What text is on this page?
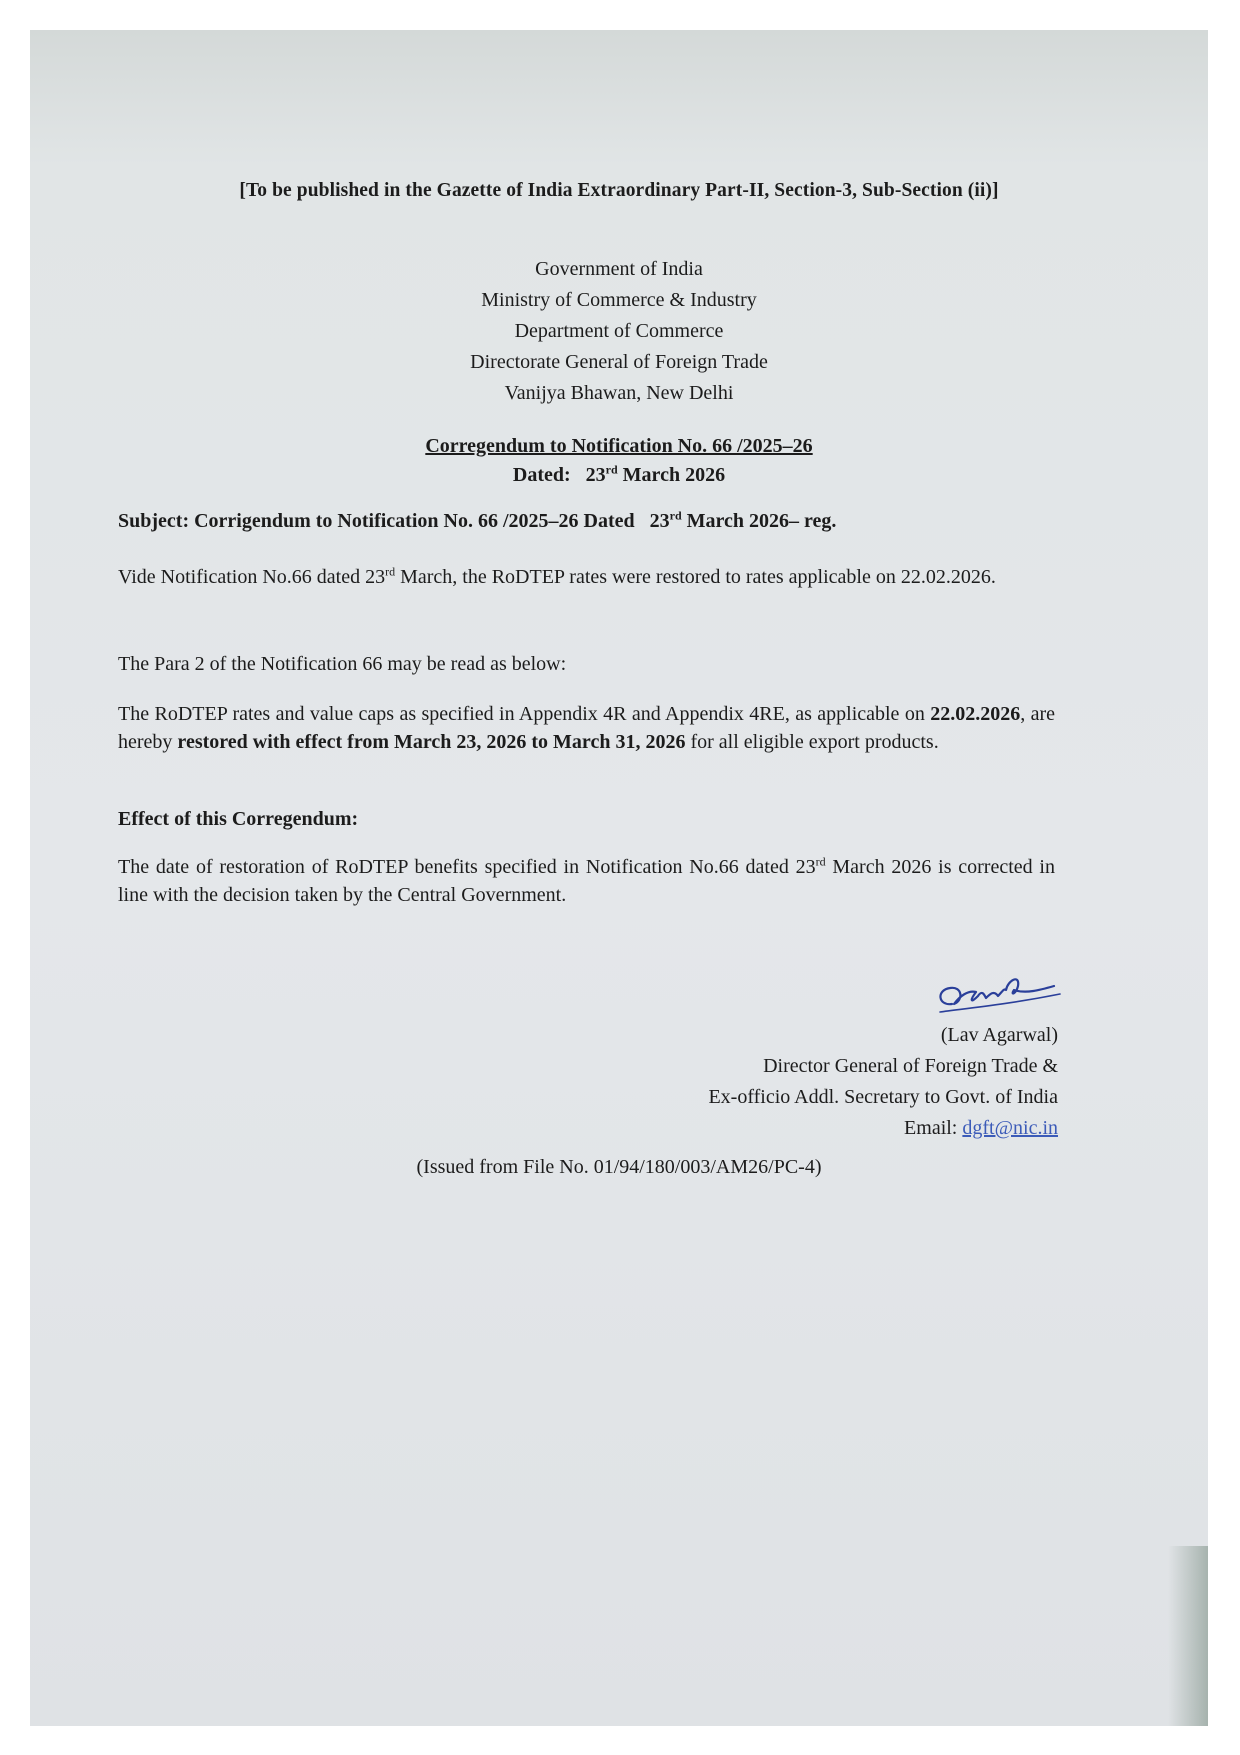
[To be published in the Gazette of India Extraordinary Part-II, Section-3, Sub-Section (ii)]
Government of India
Ministry of Commerce & Industry
Department of Commerce
Directorate General of Foreign Trade
Vanijya Bhawan, New Delhi
Corregendum to Notification No. 66 /2025–26
Dated: 23rd March 2026
Subject: Corrigendum to Notification No. 66 /2025–26 Dated 23rd March 2026– reg.
Vide Notification No.66 dated 23rd March, the RoDTEP rates were restored to rates applicable on 22.02.2026.
The Para 2 of the Notification 66 may be read as below:
The RoDTEP rates and value caps as specified in Appendix 4R and Appendix 4RE, as applicable on 22.02.2026, are hereby restored with effect from March 23, 2026 to March 31, 2026 for all eligible export products.
Effect of this Corregendum:
The date of restoration of RoDTEP benefits specified in Notification No.66 dated 23rd March 2026 is corrected in line with the decision taken by the Central Government.
(Lav Agarwal)
Director General of Foreign Trade &
Ex-officio Addl. Secretary to Govt. of India
Email: dgft@nic.in
(Issued from File No. 01/94/180/003/AM26/PC-4)
